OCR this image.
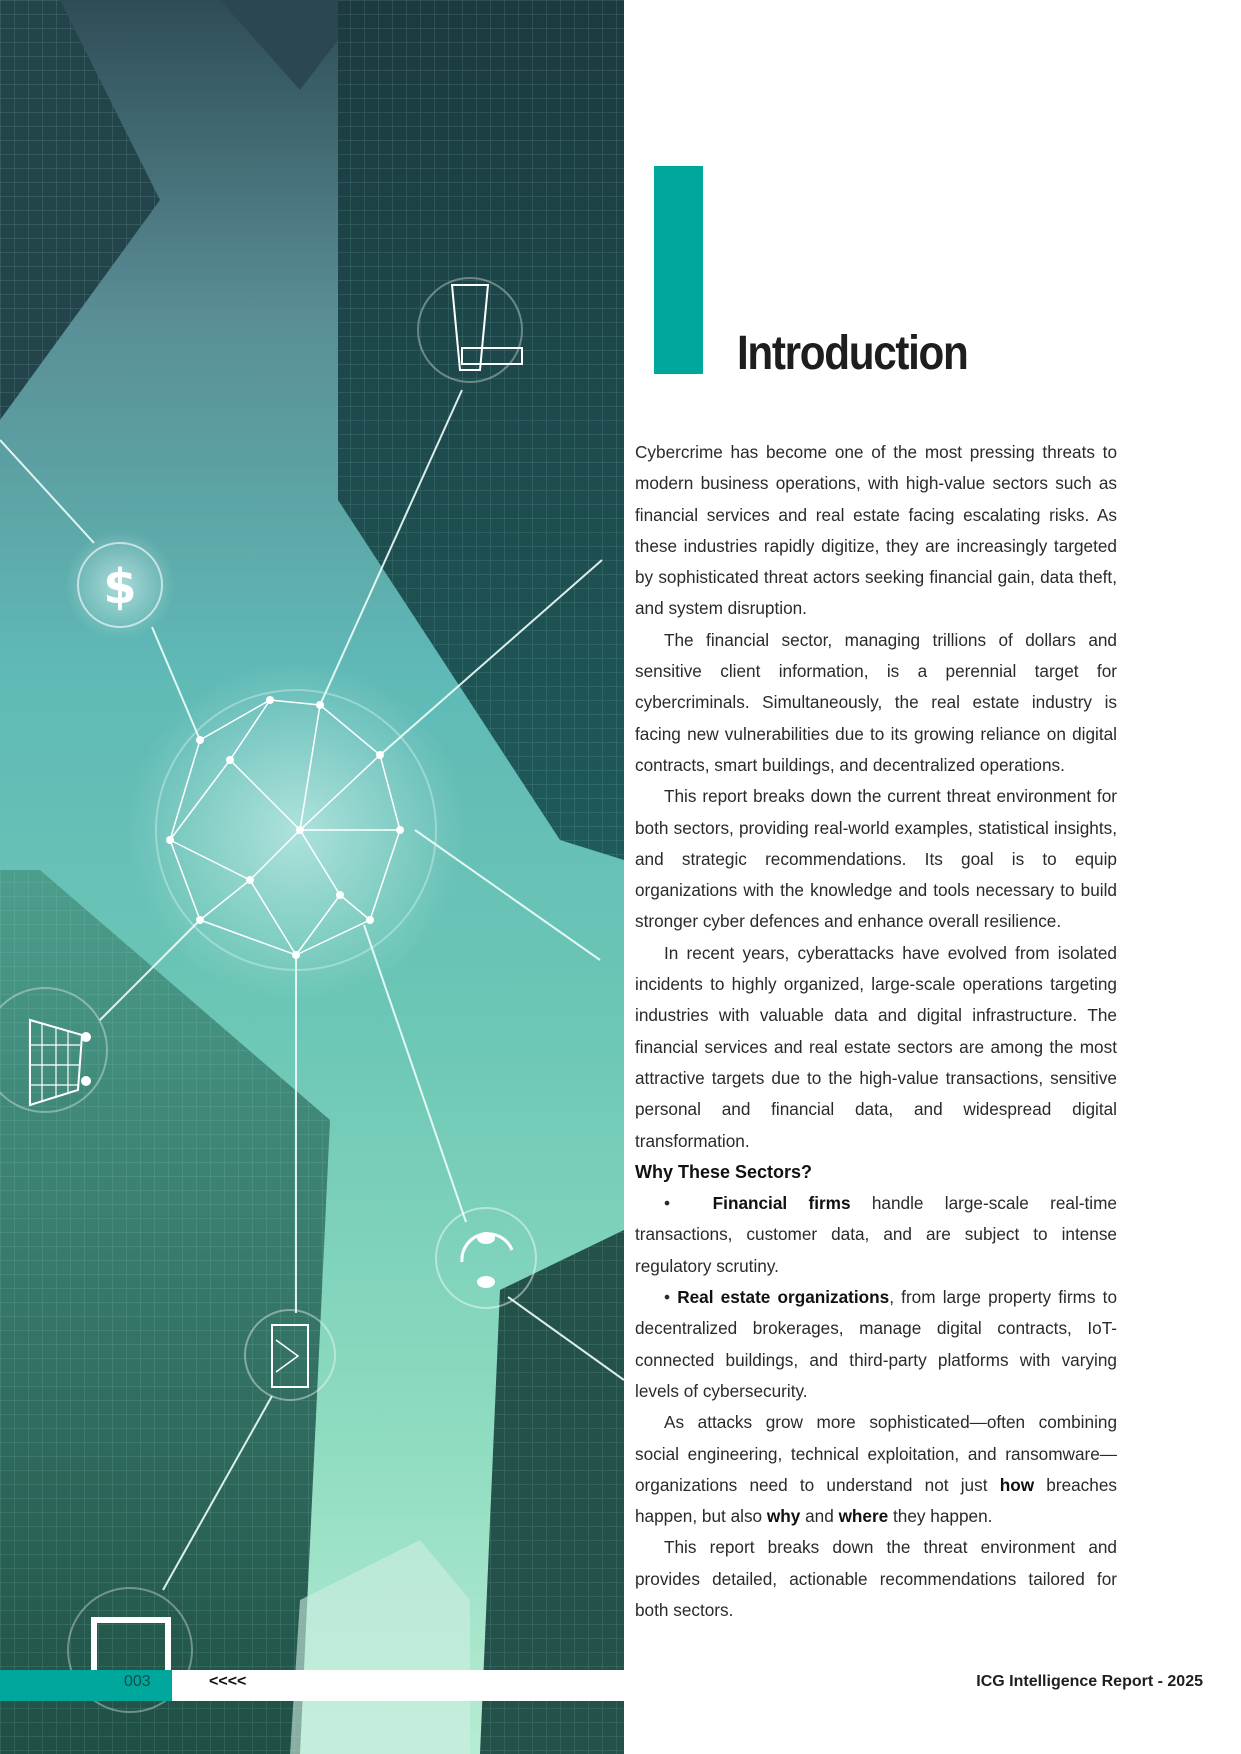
$
Introduction

Cybercrime has become one of the most pressing threats to modern business operations, with high-value sectors such as financial services and real estate facing escalating risks. As these industries rapidly digitize, they are increasingly targeted by sophisticated threat actors seeking financial gain, data theft, and system disruption.

The financial sector, managing trillions of dollars and sensitive client information, is a perennial target for cybercriminals. Simultaneously, the real estate industry is facing new vulnerabilities due to its growing reliance on digital contracts, smart buildings, and decentralized operations.

This report breaks down the current threat environment for both sectors, providing real-world examples, statistical insights, and strategic recommendations. Its goal is to equip organizations with the knowledge and tools necessary to build stronger cyber defences and enhance overall resilience.

In recent years, cyberattacks have evolved from isolated incidents to highly organized, large-scale operations targeting industries with valuable data and digital infrastructure. The financial services and real estate sectors are among the most attractive targets due to the high-value transactions, sensitive personal and financial data, and widespread digital transformation.

Why These Sectors?

• Financial firms handle large-scale real-time transactions, customer data, and are subject to intense regulatory scrutiny.

• Real estate organizations, from large property firms to decentralized brokerages, manage digital contracts, IoT-connected buildings, and third-party platforms with varying levels of cybersecurity.

As attacks grow more sophisticated—often combining social engineering, technical exploitation, and ransomware—organizations need to understand not just how breaches happen, but also why and where they happen.

This report breaks down the threat environment and provides detailed, actionable recommendations tailored for both sectors.

003	<<<<	ICG Intelligence Report - 2025
